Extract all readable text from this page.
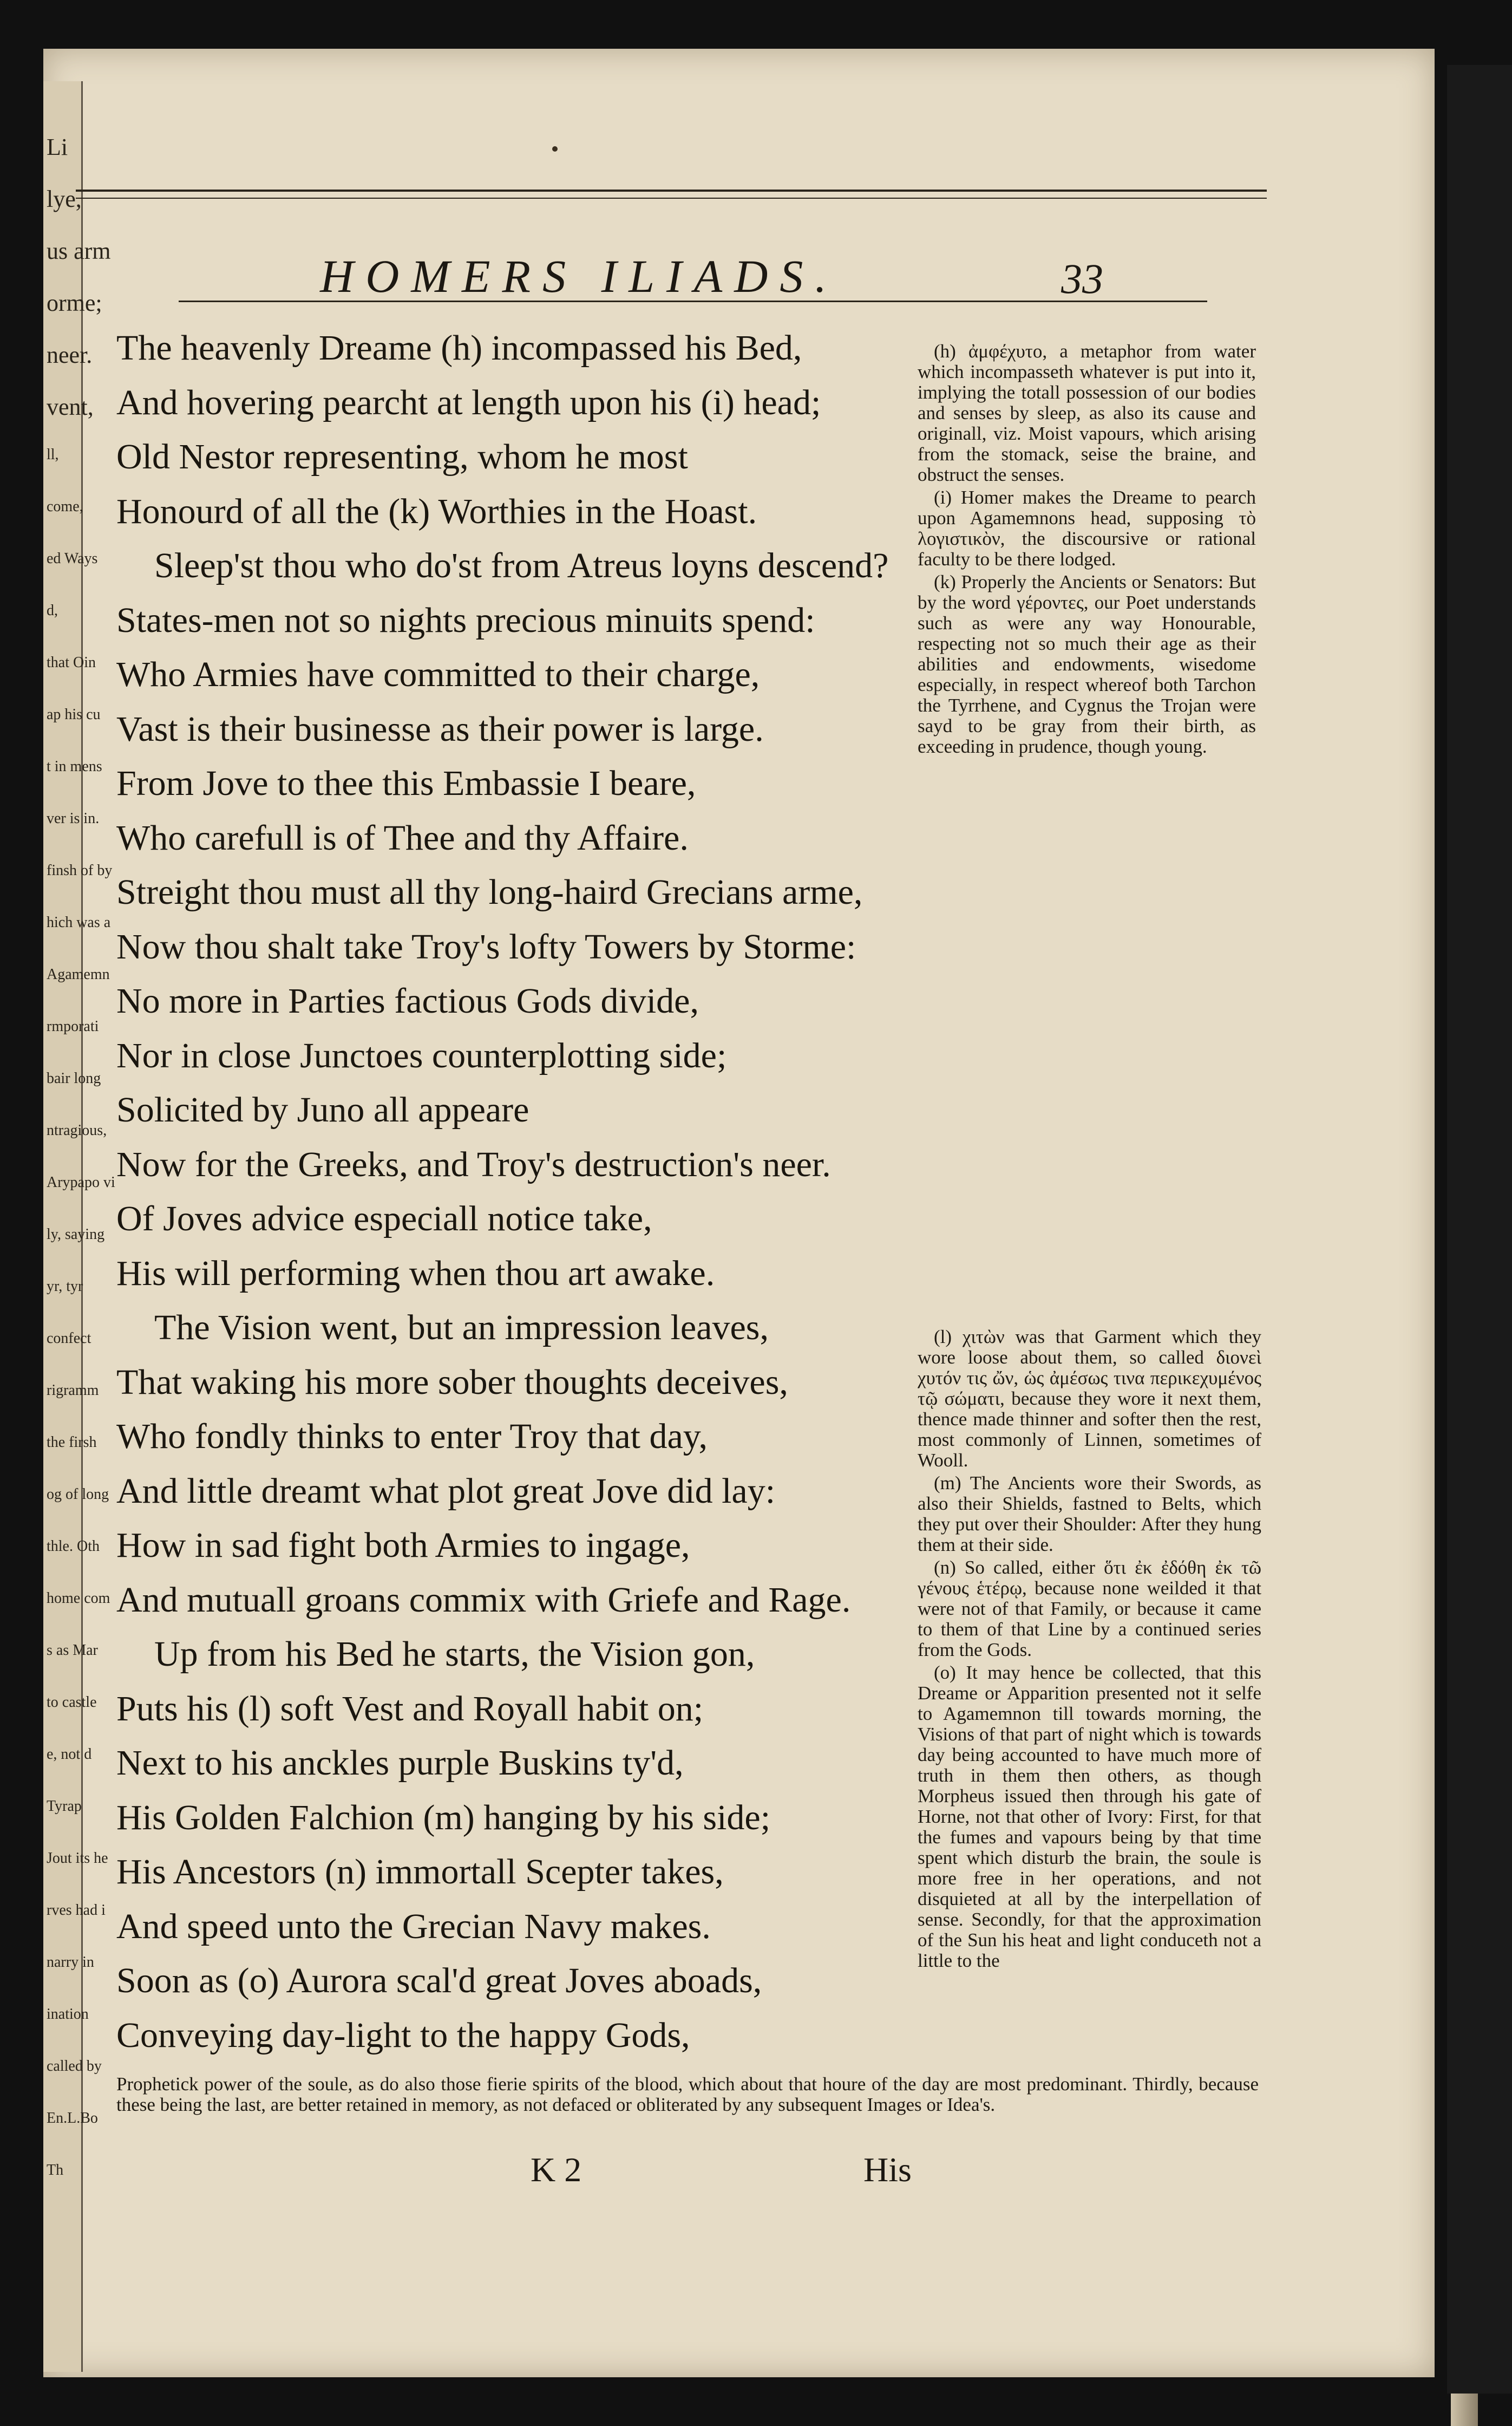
Li
lye,
us arm
orme;
neer.
vent,
ll,
come,
ed Ways
d,
that Oin
ap his cu
t in mens
ver is in.
finsh of by
hich was a
Agamemn
rmporati
bair long
ntragious,
Arypapo vi
ly, saying
yr, tyr
confect
rigramm
the firsh
og of long
thle. Oth
home com
s as Mar
to castle
e, not d
Tyrap
Jout its he
rves had i
narry in
ination
called by
En.L.Bo
Th
HOMERS ILIADS.	33
The heavenly Dreame (h) incompassed his Bed,
And hovering pearcht at length upon his (i) head;
Old Nestor representing, whom he most
Honourd of all the (k) Worthies in the Hoast.
Sleep'st thou who do'st from Atreus loyns descend?
States-men not so nights precious minuits spend:
Who Armies have committed to their charge,
Vast is their businesse as their power is large.
From Jove to thee this Embassie I beare,
Who carefull is of Thee and thy Affaire.
Streight thou must all thy long-haird Grecians arme,
Now thou shalt take Troy's lofty Towers by Storme:
No more in Parties factious Gods divide,
Nor in close Junctoes counterplotting side;
Solicited by Juno all appeare
Now for the Greeks, and Troy's destruction's neer.
Of Joves advice especiall notice take,
His will performing when thou art awake.
The Vision went, but an impression leaves,
That waking his more sober thoughts deceives,
Who fondly thinks to enter Troy that day,
And little dreamt what plot great Jove did lay:
How in sad fight both Armies to ingage,
And mutuall groans commix with Griefe and Rage.
Up from his Bed he starts, the Vision gon,
Puts his (l) soft Vest and Royall habit on;
Next to his anckles purple Buskins ty'd,
His Golden Falchion (m) hanging by his side;
His Ancestors (n) immortall Scepter takes,
And speed unto the Grecian Navy makes.
Soon as (o) Aurora scal'd great Joves aboads,
Conveying day-light to the happy Gods,
(h) ἀμφέχυτο, a metaphor from water which incompasseth whatever is put into it, implying the totall possession of our bodies and senses by sleep, as also its cause and originall, viz. Moist vapours, which arising from the stomack, seise the braine, and obstruct the senses.
(i) Homer makes the Dreame to pearch upon Agamemnons head, supposing τὸ λογιστικὸν, the discoursive or rational faculty to be there lodged.
(k) Properly the Ancients or Senators: But by the word γέροντες, our Poet understands such as were any way Honourable, respecting not so much their age as their abilities and endowments, wisedome especially, in respect whereof both Tarchon the Tyrrhene, and Cygnus the Trojan were sayd to be gray from their birth, as exceeding in prudence, though young.
(l) χιτὼν was that Garment which they wore loose about them, so called διονεὶ χυτόν τις ὤν, ὡς ἀμέσως τινα περικεχυμένος τῷ σώματι, because they wore it next them, thence made thinner and softer then the rest, most commonly of Linnen, sometimes of Wooll.
(m) The Ancients wore their Swords, as also their Shields, fastned to Belts, which they put over their Shoulder: After they hung them at their side.
(n) So called, either ὅτι ἐκ ἐδόθη ἐκ τῶ γένους ἑτέρῳ, because none weilded it that were not of that Family, or because it came to them of that Line by a continued series from the Gods.
(o) It may hence be collected, that this Dreame or Apparition presented not it selfe to Agamemnon till towards morning, the Visions of that part of night which is towards day being accounted to have much more of truth in them then others, as though Morpheus issued then through his gate of Horne, not that other of Ivory: First, for that the fumes and vapours being by that time spent which disturb the brain, the soule is more free in her operations, and not disquieted at all by the interpellation of sense. Secondly, for that the approximation of the Sun his heat and light conduceth not a little to the
Prophetick power of the soule, as do also those fierie spirits of the blood, which about that houre of the day are most predominant. Thirdly, because these being the last, are better retained in memory, as not defaced or obliterated by any subsequent Images or Idea's.
K 2	His
